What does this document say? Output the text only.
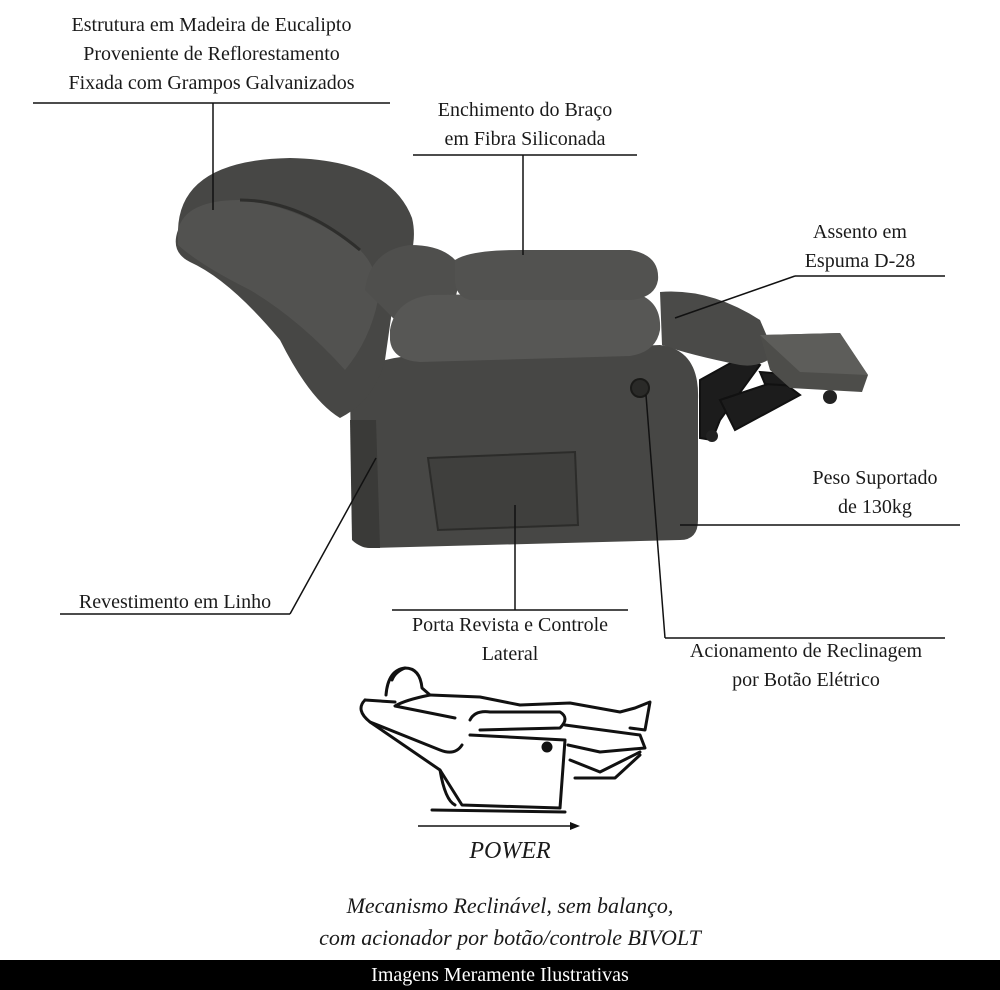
Estrutura em Madeira de Eucalipto
Proveniente de Reflorestamento
Fixada com Grampos Galvanizados
Enchimento do Braço
em Fibra Siliconada
Assento em
Espuma D-28
Peso Suportado
de 130kg
Revestimento em Linho
Porta Revista e Controle
Lateral	Acionamento de Reclinagem
por Botão Elétrico
POWER
Mecanismo Reclinável, sem balanço,
com acionador por botão/controle BIVOLT
Imagens Meramente Ilustrativas
